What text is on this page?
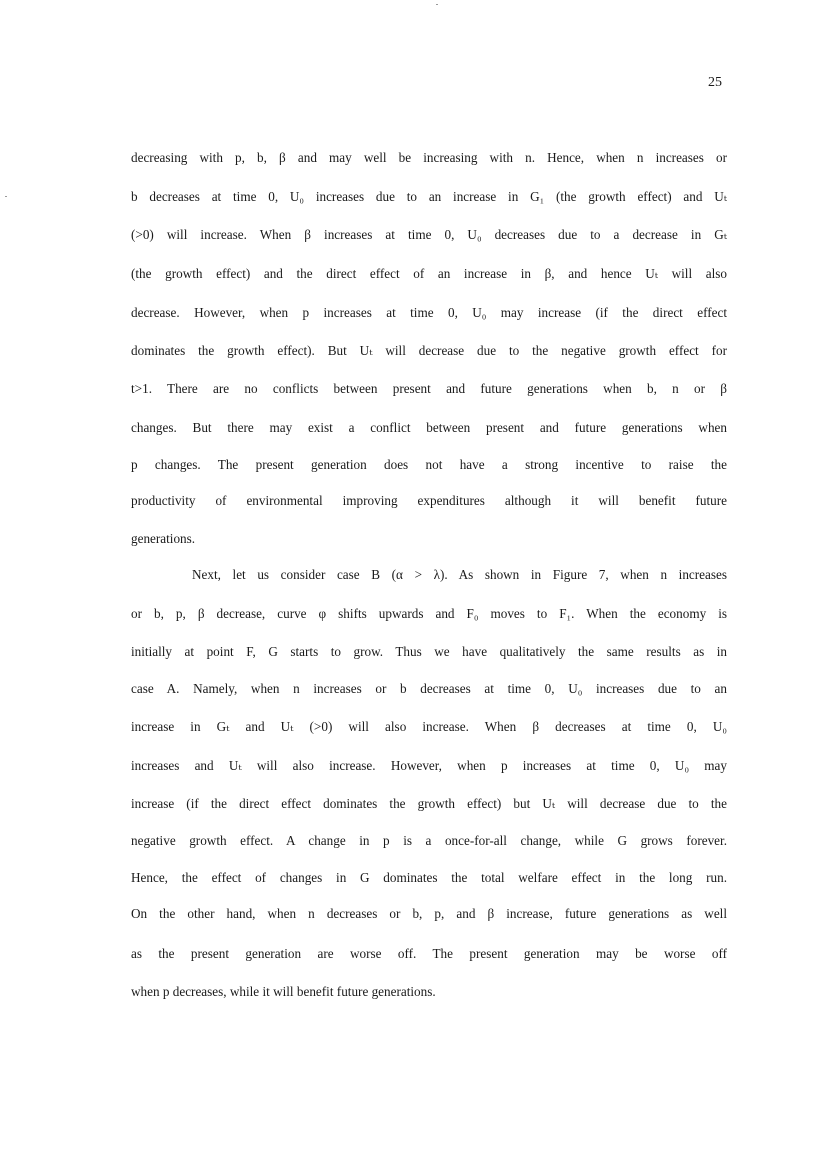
25
decreasing with p, b, β and may well be increasing with n. Hence, when n increases or
b decreases at time 0, U₀ increases due to an increase in G₁ (the growth effect) and Uₜ
(>0) will increase. When β increases at time 0, U₀ decreases due to a decrease in Gₜ
(the growth effect) and the direct effect of an increase in β, and hence Uₜ will also
decrease. However, when p increases at time 0, U₀ may increase (if the direct effect
dominates the growth effect). But Uₜ will decrease due to the negative growth effect for
t>1. There are no conflicts between present and future generations when b, n or β
changes. But there may exist a conflict between present and future generations when
p changes. The present generation does not have a strong incentive to raise the
productivity of environmental improving expenditures although it will benefit future
generations.
Next, let us consider case B (α > λ). As shown in Figure 7, when n increases
or b, p, β decrease, curve φ shifts upwards and F₀ moves to F₁. When the economy is
initially at point F, G starts to grow. Thus we have qualitatively the same results as in
case A. Namely, when n increases or b decreases at time 0, U₀ increases due to an
increase in Gₜ and Uₜ (>0) will also increase. When β decreases at time 0, U₀
increases and Uₜ will also increase. However, when p increases at time 0, U₀ may
increase (if the direct effect dominates the growth effect) but Uₜ will decrease due to the
negative growth effect. A change in p is a once-for-all change, while G grows forever.
Hence, the effect of changes in G dominates the total welfare effect in the long run.
On the other hand, when n decreases or b, p, and β increase, future generations as well
as the present generation are worse off. The present generation may be worse off
when p decreases, while it will benefit future generations.
